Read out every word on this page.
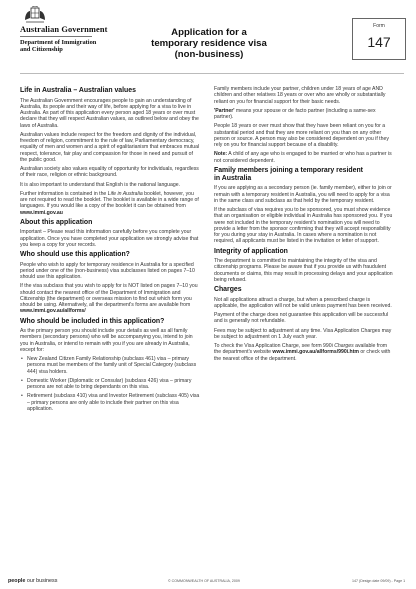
Australian Government
Department of Immigration
and Citizenship
Application for a
temporary residence visa (non-business)
Form
147
Life in Australia – Australian values

The Australian Government encourages people to gain an understanding of Australia, its people and their way of life, before applying for a visa to live in Australia. As part of this application every person aged 18 years or over must declare that they will respect Australian values, as outlined below and obey the laws of Australia.

Australian values include respect for the freedom and dignity of the individual, freedom of religion, commitment to the rule of law, Parliamentary democracy, equality of men and women and a spirit of egalitarianism that embraces mutual respect, tolerance, fair play and compassion for those in need and pursuit of the public good.

Australian society also values equality of opportunity for individuals, regardless of their race, religion or ethnic background.

It is also important to understand that English is the national language.

Further information is contained in the Life in Australia booklet, however, you are not required to read the booklet. The booklet is available in a wide range of languages. If you would like a copy of the booklet it can be obtained from www.immi.gov.au

About this application

Important – Please read this information carefully before you complete your application. Once you have completed your application we strongly advise that you keep a copy for your records.

Who should use this application?

People who wish to apply for temporary residence in Australia for a specified period under one of the (non-business) visa subclasses listed on pages 7–10 should use this application.

If the visa subclass that you wish to apply for is NOT listed on pages 7–10 you should contact the nearest office of the Department of Immigration and Citizenship (the department) or overseas mission to find out which form you should be using. Alternatively, all the department's forms are available from www.immi.gov.au/allforms/

Who should be included in this application?

As the primary person you should include your details as well as all family members (secondary persons) who will be accompanying you, intend to join you in Australia, or intend to remain with you if you are already in Australia, except for:

• New Zealand Citizen Family Relationship (subclass 461) visa – primary persons must be members of the family unit of Special Category (subclass 444) visa holders.
• Domestic Worker (Diplomatic or Consular) (subclass 426) visa – primary persons are not able to bring dependants on this visa.
• Retirement (subclass 410) visa and Investor Retirement (subclass 405) visa – primary persons are only able to include their partner on this visa application.

Family members include your partner, children under 18 years of age AND children and other relatives 18 years or over who are wholly or substantially reliant on you for financial support for their basic needs.

'Partner' means your spouse or de facto partner (including a same-sex partner).

People 18 years or over must show that they have been reliant on you for a substantial period and that they are more reliant on you than on any other person or source. A person may also be considered dependent on you if they rely on you for financial support because of a disability.

Note: A child of any age who is engaged to be married or who has a partner is not considered dependent.

Family members joining a temporary resident
in Australia

If you are applying as a secondary person (ie. family member), either to join or remain with a temporary resident in Australia, you will need to apply for a visa in the same class and subclass as that held by the temporary resident.

If the subclass of visa requires you to be sponsored, you must show evidence that an organisation or eligible individual in Australia has sponsored you. If you were not included in the temporary resident's nomination you will need to provide a letter from the sponsor confirming that they will accept responsibility for you during your stay in Australia. In cases where a nomination is not required, all applicants must be listed in the invitation or letter of support.

Integrity of application

The department is committed to maintaining the integrity of the visa and citizenship programs. Please be aware that if you provide us with fraudulent documents or claims, this may result in processing delays and your application being refused.

Charges

Not all applications attract a charge, but when a prescribed charge is applicable, the application will not be valid unless payment has been received.

Payment of the charge does not guarantee this application will be successful and is generally not refundable.

Fees may be subject to adjustment at any time. Visa Application Charges may be subject to adjustment on 1 July each year.

To check the Visa Application Charge, see form 990i Charges available from the department's website www.immi.gov.au/allforms/990i.htm or check with the nearest office of the department.

people our business	© COMMONWEALTH OF AUSTRALIA, 2009	147 (Design date 09/09) - Page 1
